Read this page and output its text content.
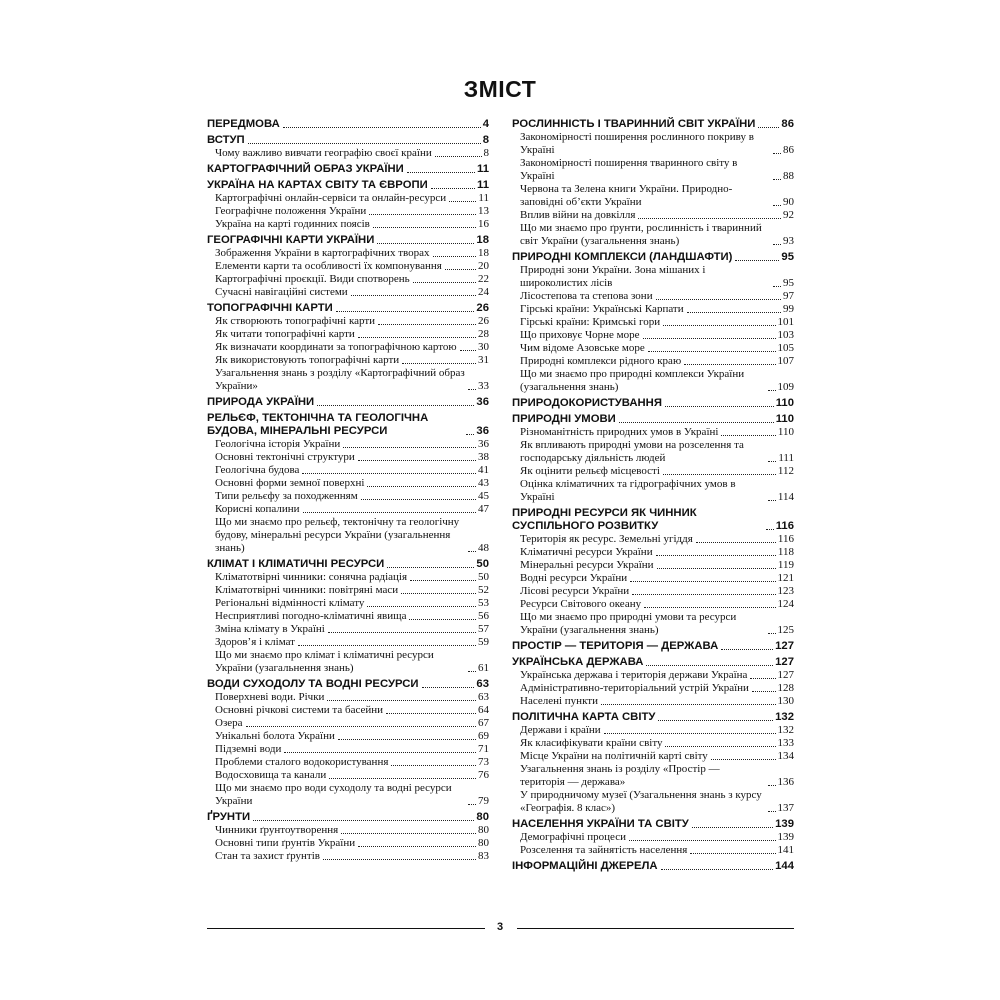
ЗМІСТ
ПЕРЕДМОВА	4
ВСТУП	8
Чому важливо вивчати географію своєї країни	8
КАРТОГРАФІЧНИЙ ОБРАЗ УКРАЇНИ	11
УКРАЇНА НА КАРТАХ СВІТУ ТА ЄВРОПИ	11
Картографічні онлайн-сервіси та онлайн-ресурси	11
Географічне положення України	13
Україна на карті годинних поясів	16
ГЕОГРАФІЧНІ КАРТИ УКРАЇНИ	18
Зображення України в картографічних творах	18
Елементи карти та особливості їх компонування	20
Картографічні проєкції. Види спотворень	22
Сучасні навігаційні системи	24
ТОПОГРАФІЧНІ КАРТИ	26
Як створюють топографічні карти	26
Як читати топографічні карти	28
Як визначати координати за топографічною картою 30
Як використовують топографічні карти	31
Узагальнення знань з розділу «Картографічний образ України»	33
ПРИРОДА УКРАЇНИ	36
РЕЛЬЄФ, ТЕКТОНІЧНА ТА ГЕОЛОГІЧНА БУДОВА, МІНЕРАЛЬНІ РЕСУРСИ	36
Геологічна історія України	36
Основні тектонічні структури	38
Геологічна будова	41
Основні форми земної поверхні	43
Типи рельєфу за походженням	45
Корисні копалини	47
Що ми знаємо про рельєф, тектонічну та геологічну будову, мінеральні ресурси України (узагальнення знань)	48
КЛІМАТ І КЛІМАТИЧНІ РЕСУРСИ	50
Кліматотвірні чинники: сонячна радіація	50
Кліматотвірні чинники: повітряні маси	52
Регіональні відмінності клімату	53
Несприятливі погодно-кліматичні явища	56
Зміна клімату в Україні	57
Здоров’я і клімат	59
Що ми знаємо про клімат і кліматичні ресурси України (узагальнення знань)	61
ВОДИ СУХОДОЛУ ТА ВОДНІ РЕСУРСИ	63
Поверхневі води. Річки	63
Основні річкові системи та басейни	64
Озера	67
Унікальні болота України	69
Підземні води	71
Проблеми сталого водокористування	73
Водосховища та канали	76
Що ми знаємо про води суходолу та водні ресурси України	79
ҐРУНТИ	80
Чинники ґрунтоутворення	80
Основні типи ґрунтів України	80
Стан та захист ґрунтів	83
РОСЛИННІСТЬ І ТВАРИННИЙ СВІТ УКРАЇНИ 86
Закономірності поширення рослинного покриву в Україні	86
Закономірності поширення тваринного світу в Україні	88
Червона та Зелена книги України. Природно-заповідні об’єкти України	90
Вплив війни на довкілля	92
Що ми знаємо про ґрунти, рослинність і тваринний світ України (узагальнення знань)	93
ПРИРОДНІ КОМПЛЕКСИ (ЛАНДШАФТИ)	95
Природні зони України. Зона мішаних і широколистих лісів	95
Лісостепова та степова зони	97
Гірські країни: Українські Карпати	99
Гірські країни: Кримські гори	101
Що приховує Чорне море	103
Чим відоме Азовське море	105
Природні комплекси рідного краю	107
Що ми знаємо про природні комплекси України (узагальнення знань)	109
ПРИРОДОКОРИСТУВАННЯ	110
ПРИРОДНІ УМОВИ	110
Різноманітність природних умов в Україні	110
Як впливають природні умови на розселення та господарську діяльність людей	111
Як оцінити рельєф місцевості	112
Оцінка кліматичних та гідрографічних умов в Україні	114
ПРИРОДНІ РЕСУРСИ ЯК ЧИННИК СУСПІЛЬНОГО РОЗВИТКУ	116
Територія як ресурс. Земельні угіддя	116
Кліматичні ресурси України	118
Мінеральні ресурси України	119
Водні ресурси України	121
Лісові ресурси України	123
Ресурси Світового океану	124
Що ми знаємо про природні умови та ресурси України (узагальнення знань)	125
ПРОСТІР — ТЕРИТОРІЯ — ДЕРЖАВА	127
УКРАЇНСЬКА ДЕРЖАВА	127
Українська держава і територія держави Україна	127
Адміністративно-територіальний устрій України	128
Населені пункти	130
ПОЛІТИЧНА КАРТА СВІТУ	132
Держави і країни	132
Як класифікувати країни світу	133
Місце України на політичній карті світу	134
Узагальнення знань із розділу «Простір — територія — держава»	136
У природничому музеї (Узагальнення знань з курсу «Географія. 8 клас»)	137
НАСЕЛЕННЯ УКРАЇНИ ТА СВІТУ	139
Демографічні процеси	139
Розселення та зайнятість населення	141
ІНФОРМАЦІЙНІ ДЖЕРЕЛА	144
3
